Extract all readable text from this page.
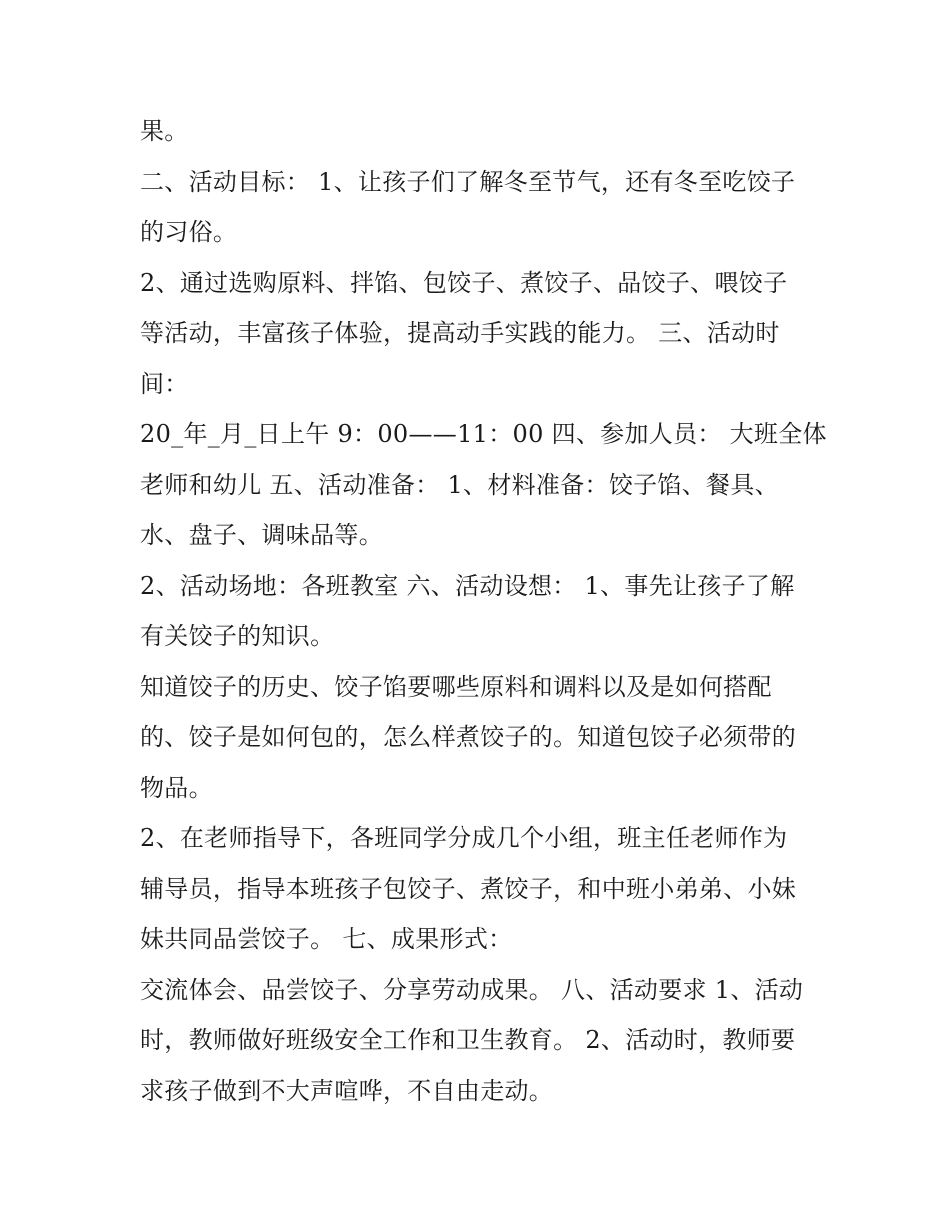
果。
二、活动目标： 1、让孩子们了解冬至节气，还有冬至吃饺子
的习俗。
2、通过选购原料、拌馅、包饺子、煮饺子、品饺子、喂饺子
等活动，丰富孩子体验，提高动手实践的能力。 三、活动时
间：
20_年_月_日上午 9：00——11：00 四、参加人员： 大班全体
老师和幼儿 五、活动准备： 1、材料准备：饺子馅、餐具、
水、盘子、调味品等。
2、活动场地：各班教室 六、活动设想： 1、事先让孩子了解
有关饺子的知识。
知道饺子的历史、饺子馅要哪些原料和调料以及是如何搭配
的、饺子是如何包的，怎么样煮饺子的。知道包饺子必须带的
物品。
2、在老师指导下，各班同学分成几个小组，班主任老师作为
辅导员，指导本班孩子包饺子、煮饺子，和中班小弟弟、小妹
妹共同品尝饺子。 七、成果形式：
交流体会、品尝饺子、分享劳动成果。 八、活动要求 1、活动
时，教师做好班级安全工作和卫生教育。 2、活动时，教师要
求孩子做到不大声喧哗，不自由走动。
